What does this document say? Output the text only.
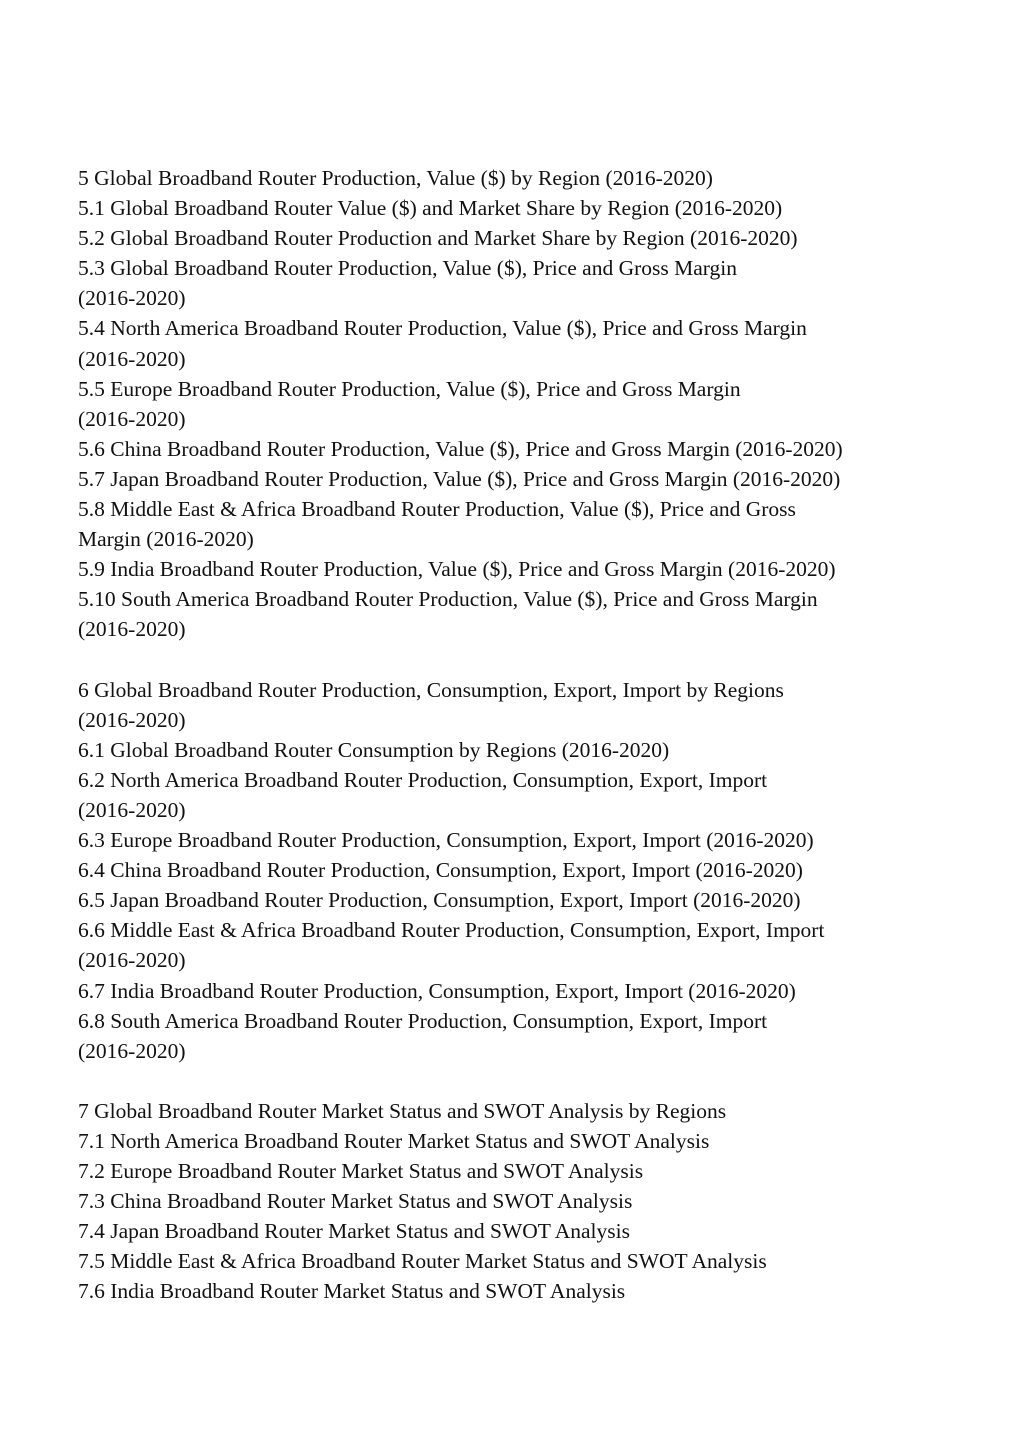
5 Global Broadband Router Production, Value ($) by Region (2016-2020)
5.1 Global Broadband Router Value ($) and Market Share by Region (2016-2020)
5.2 Global Broadband Router Production and Market Share by Region (2016-2020)
5.3 Global Broadband Router Production, Value ($), Price and Gross Margin
(2016-2020)
5.4 North America Broadband Router Production, Value ($), Price and Gross Margin
(2016-2020)
5.5 Europe Broadband Router Production, Value ($), Price and Gross Margin
(2016-2020)
5.6 China Broadband Router Production, Value ($), Price and Gross Margin (2016-2020)
5.7 Japan Broadband Router Production, Value ($), Price and Gross Margin (2016-2020)
5.8 Middle East & Africa Broadband Router Production, Value ($), Price and Gross
Margin (2016-2020)
5.9 India Broadband Router Production, Value ($), Price and Gross Margin (2016-2020)
5.10 South America Broadband Router Production, Value ($), Price and Gross Margin
(2016-2020)
6 Global Broadband Router Production, Consumption, Export, Import by Regions
(2016-2020)
6.1 Global Broadband Router Consumption by Regions (2016-2020)
6.2 North America Broadband Router Production, Consumption, Export, Import
(2016-2020)
6.3 Europe Broadband Router Production, Consumption, Export, Import (2016-2020)
6.4 China Broadband Router Production, Consumption, Export, Import (2016-2020)
6.5 Japan Broadband Router Production, Consumption, Export, Import (2016-2020)
6.6 Middle East & Africa Broadband Router Production, Consumption, Export, Import
(2016-2020)
6.7 India Broadband Router Production, Consumption, Export, Import (2016-2020)
6.8 South America Broadband Router Production, Consumption, Export, Import
(2016-2020)
7 Global Broadband Router Market Status and SWOT Analysis by Regions
7.1 North America Broadband Router Market Status and SWOT Analysis
7.2 Europe Broadband Router Market Status and SWOT Analysis
7.3 China Broadband Router Market Status and SWOT Analysis
7.4 Japan Broadband Router Market Status and SWOT Analysis
7.5 Middle East & Africa Broadband Router Market Status and SWOT Analysis
7.6 India Broadband Router Market Status and SWOT Analysis
